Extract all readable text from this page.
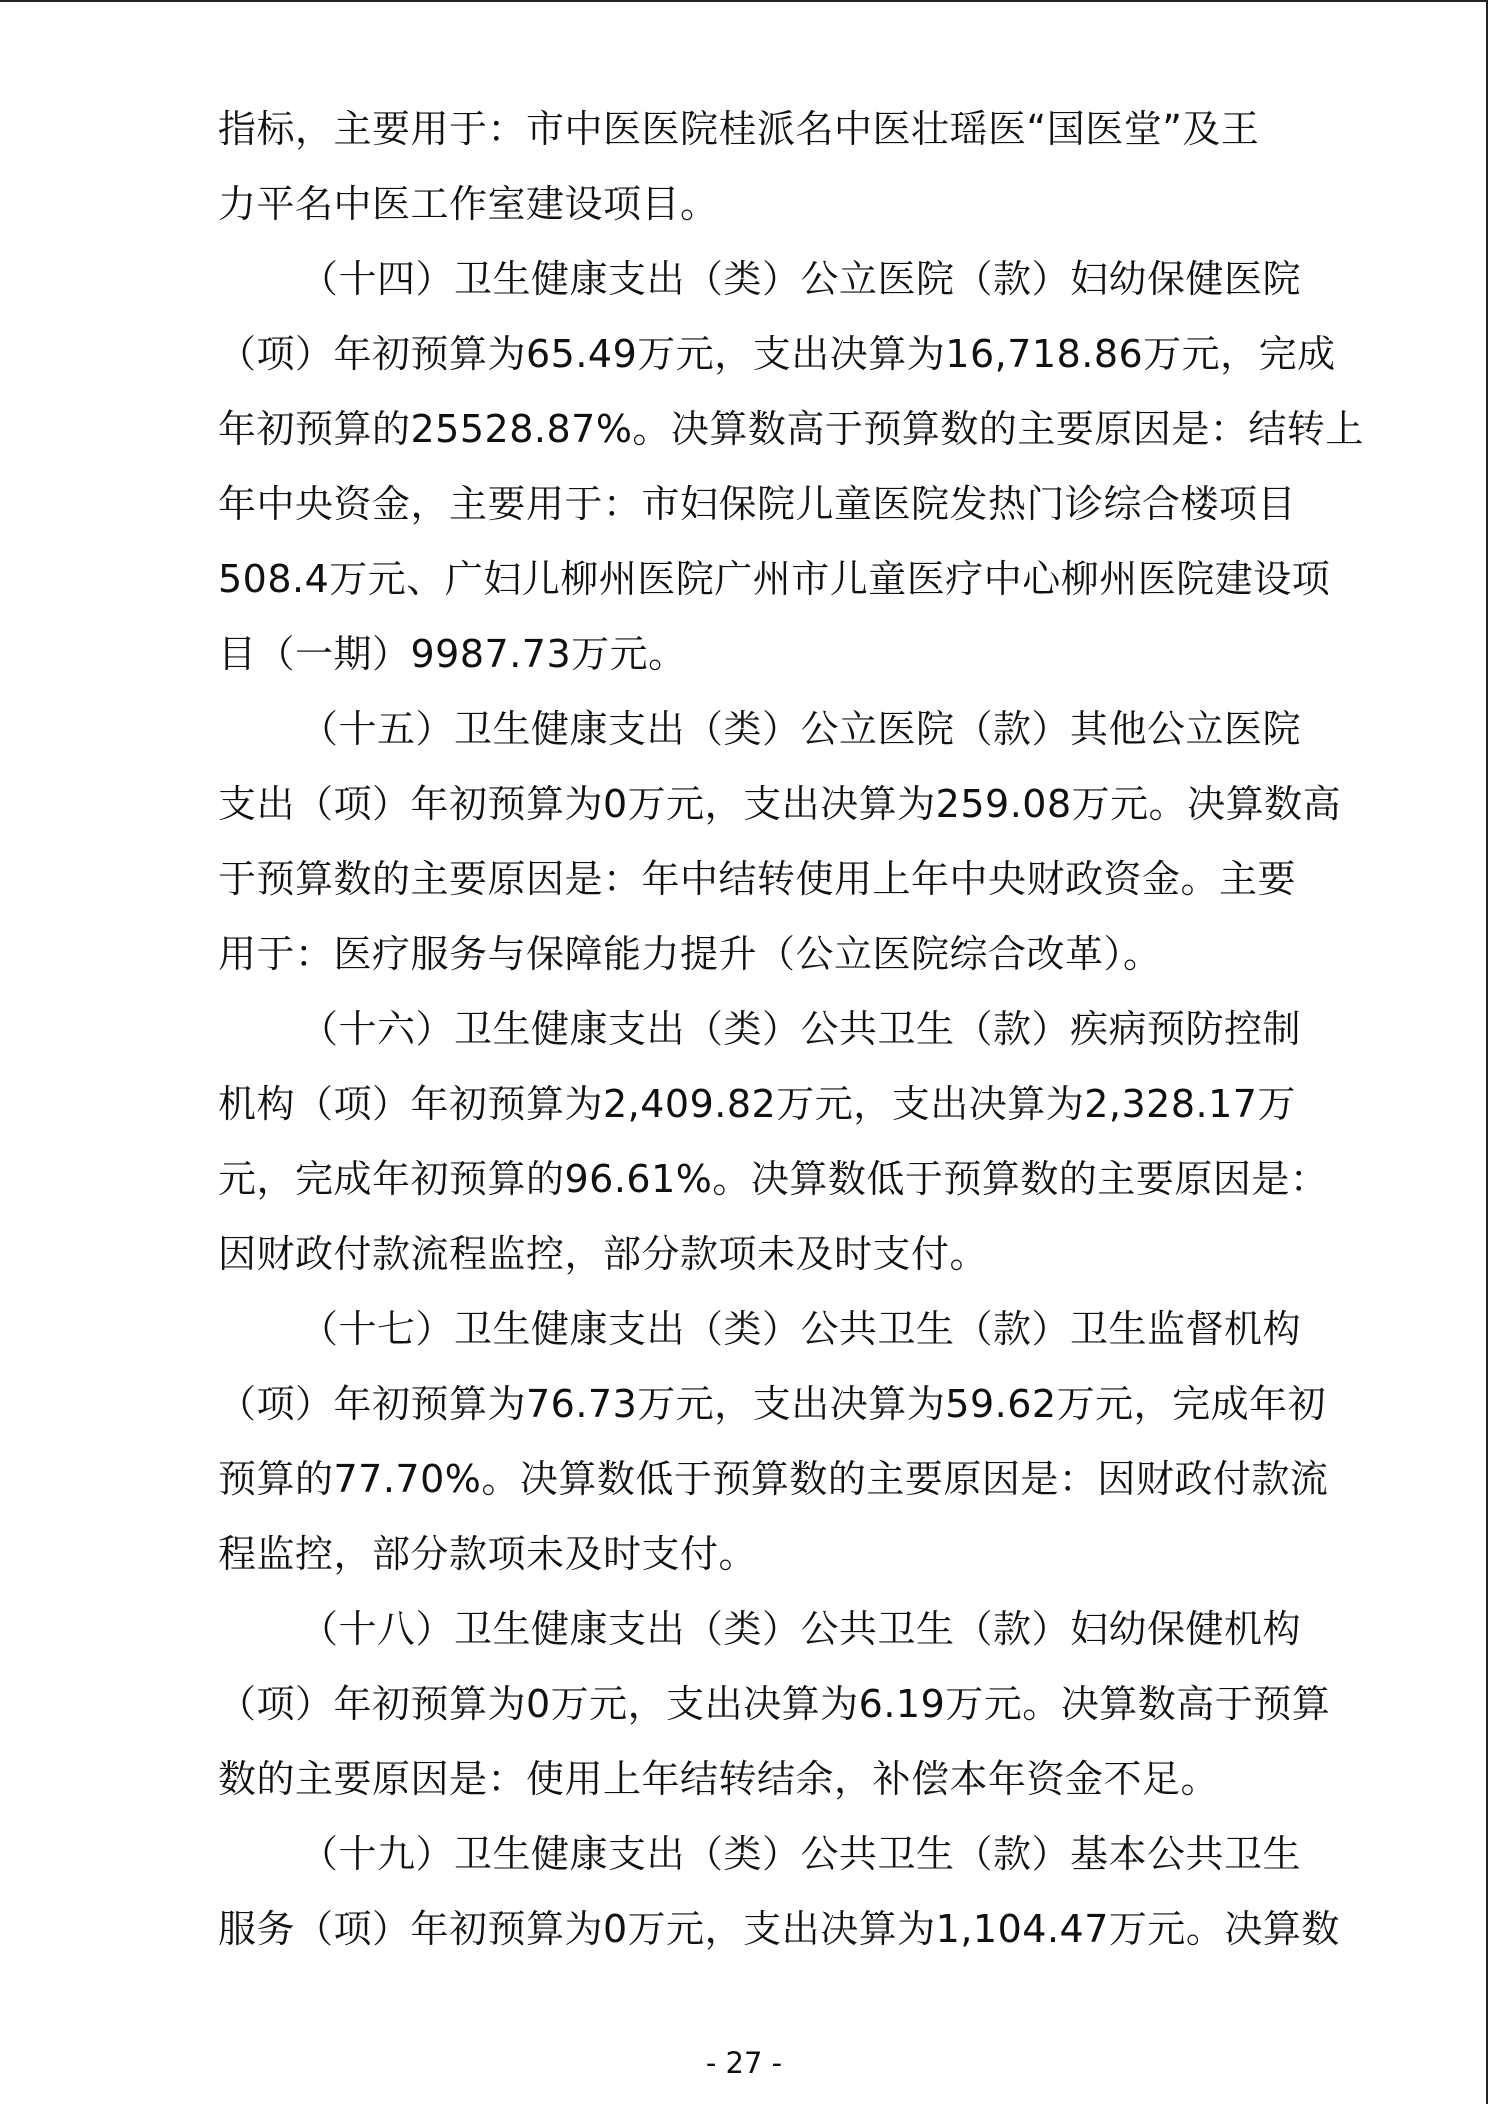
指标，主要用于：市中医医院桂派名中医壮瑶医“国医堂”及王
力平名中医工作室建设项目。
（十四）卫生健康支出（类）公立医院（款）妇幼保健医院
（项）年初预算为65.49万元，支出决算为16,718.86万元，完成
年初预算的25528.87%。决算数高于预算数的主要原因是：结转上
年中央资金，主要用于：市妇保院儿童医院发热门诊综合楼项目
508.4万元、广妇儿柳州医院广州市儿童医疗中心柳州医院建设项
目（一期）9987.73万元。
（十五）卫生健康支出（类）公立医院（款）其他公立医院
支出（项）年初预算为0万元，支出决算为259.08万元。决算数高
于预算数的主要原因是：年中结转使用上年中央财政资金。主要
用于：医疗服务与保障能力提升（公立医院综合改革）。
（十六）卫生健康支出（类）公共卫生（款）疾病预防控制
机构（项）年初预算为2,409.82万元，支出决算为2,328.17万
元，完成年初预算的96.61%。决算数低于预算数的主要原因是：
因财政付款流程监控，部分款项未及时支付。
（十七）卫生健康支出（类）公共卫生（款）卫生监督机构
（项）年初预算为76.73万元，支出决算为59.62万元，完成年初
预算的77.70%。决算数低于预算数的主要原因是：因财政付款流
程监控，部分款项未及时支付。
（十八）卫生健康支出（类）公共卫生（款）妇幼保健机构
（项）年初预算为0万元，支出决算为6.19万元。决算数高于预算
数的主要原因是：使用上年结转结余，补偿本年资金不足。
（十九）卫生健康支出（类）公共卫生（款）基本公共卫生
服务（项）年初预算为0万元，支出决算为1,104.47万元。决算数
- 27 -
